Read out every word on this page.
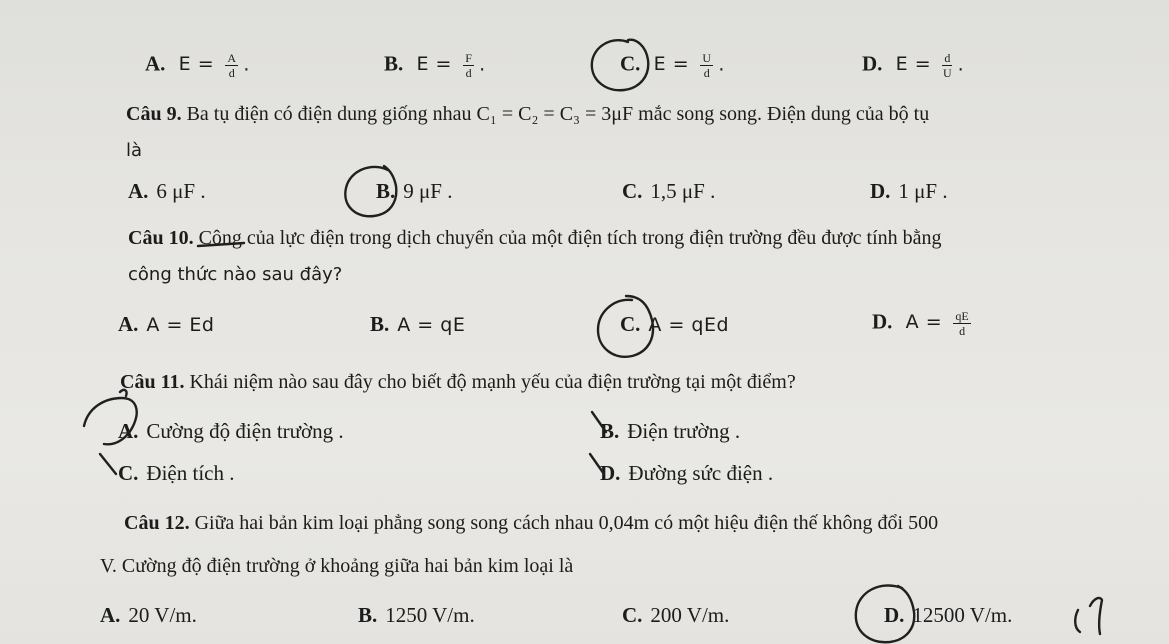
A. $E = \frac{A}{d}$ .	B. $E = \frac{F}{d}$ .	C. $E = \frac{U}{d}$ .	D. $E = \frac{d}{U}$ .
Câu 9. Ba tụ điện có điện dung giống nhau C₁ = C₂ = C₃ = 3μF mắc song song. Điện dung của bộ tụ
là
A. 6 μF .	B. 9 μF .	C. 1,5 μF .	D. 1 μF .
Câu 10. Công của lực điện trong dịch chuyển của một điện tích trong điện trường đều được tính bằng
công thức nào sau đây?
A. A = Ed	B. A = qE	C. A = qEd	D. $A = \frac{qE}{d}$
Câu 11. Khái niệm nào sau đây cho biết độ mạnh yếu của điện trường tại một điểm?
A. Cường độ điện trường .	B. Điện trường .
C. Điện tích .	D. Đường sức điện .
Câu 12. Giữa hai bản kim loại phẳng song song cách nhau 0,04m có một hiệu điện thế không đổi 500
V. Cường độ điện trường ở khoảng giữa hai bản kim loại là
A. 20 V/m.	B. 1250 V/m.	C. 200 V/m.	D. 12500 V/m.
